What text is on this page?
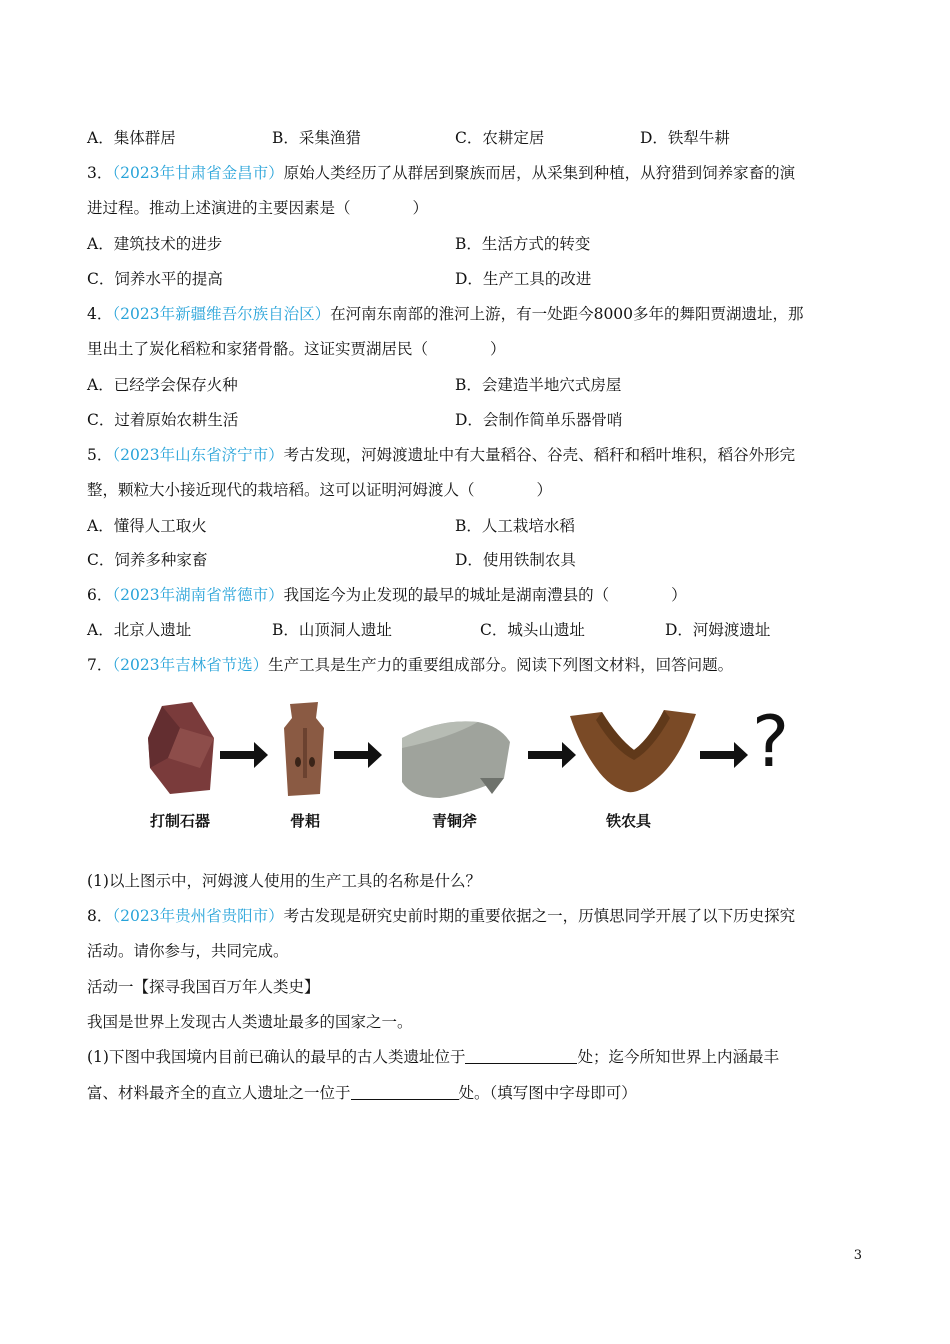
A．集体群居	B．采集渔猎	C．农耕定居	D．铁犁牛耕
3．（2023年甘肃省金昌市）原始人类经历了从群居到聚族而居，从采集到种植，从狩猎到饲养家畜的演
进过程。推动上述演进的主要因素是（　　　　）
A．建筑技术的进步	B．生活方式的转变
C．饲养水平的提高	D．生产工具的改进
4．（2023年新疆维吾尔族自治区）在河南东南部的淮河上游，有一处距今8000多年的舞阳贾湖遗址，那
里出土了炭化稻粒和家猪骨骼。这证实贾湖居民（　　　　）
A．已经学会保存火种	B．会建造半地穴式房屋
C．过着原始农耕生活	D．会制作简单乐器骨哨
5．（2023年山东省济宁市）考古发现，河姆渡遗址中有大量稻谷、谷壳、稻秆和稻叶堆积，稻谷外形完
整，颗粒大小接近现代的栽培稻。这可以证明河姆渡人（　　　　）
A．懂得人工取火	B．人工栽培水稻
C．饲养多种家畜	D．使用铁制农具
6．（2023年湖南省常德市）我国迄今为止发现的最早的城址是湖南澧县的（　　　　）
A．北京人遗址	B．山顶洞人遗址	C．城头山遗址	D．河姆渡遗址
7．（2023年吉林省节选）生产工具是生产力的重要组成部分。阅读下列图文材料，回答问题。
?
打制石器	骨耜	青铜斧	铁农具
(1)以上图示中，河姆渡人使用的生产工具的名称是什么？
8．（2023年贵州省贵阳市）考古发现是研究史前时期的重要依据之一，历慎思同学开展了以下历史探究
活动。请你参与，共同完成。
活动一【探寻我国百万年人类史】
我国是世界上发现古人类遗址最多的国家之一。
(1)下图中我国境内目前已确认的最早的古人类遗址位于	处；迄今所知世界上内涵最丰
富、材料最齐全的直立人遗址之一位于	处。（填写图中字母即可）
3
